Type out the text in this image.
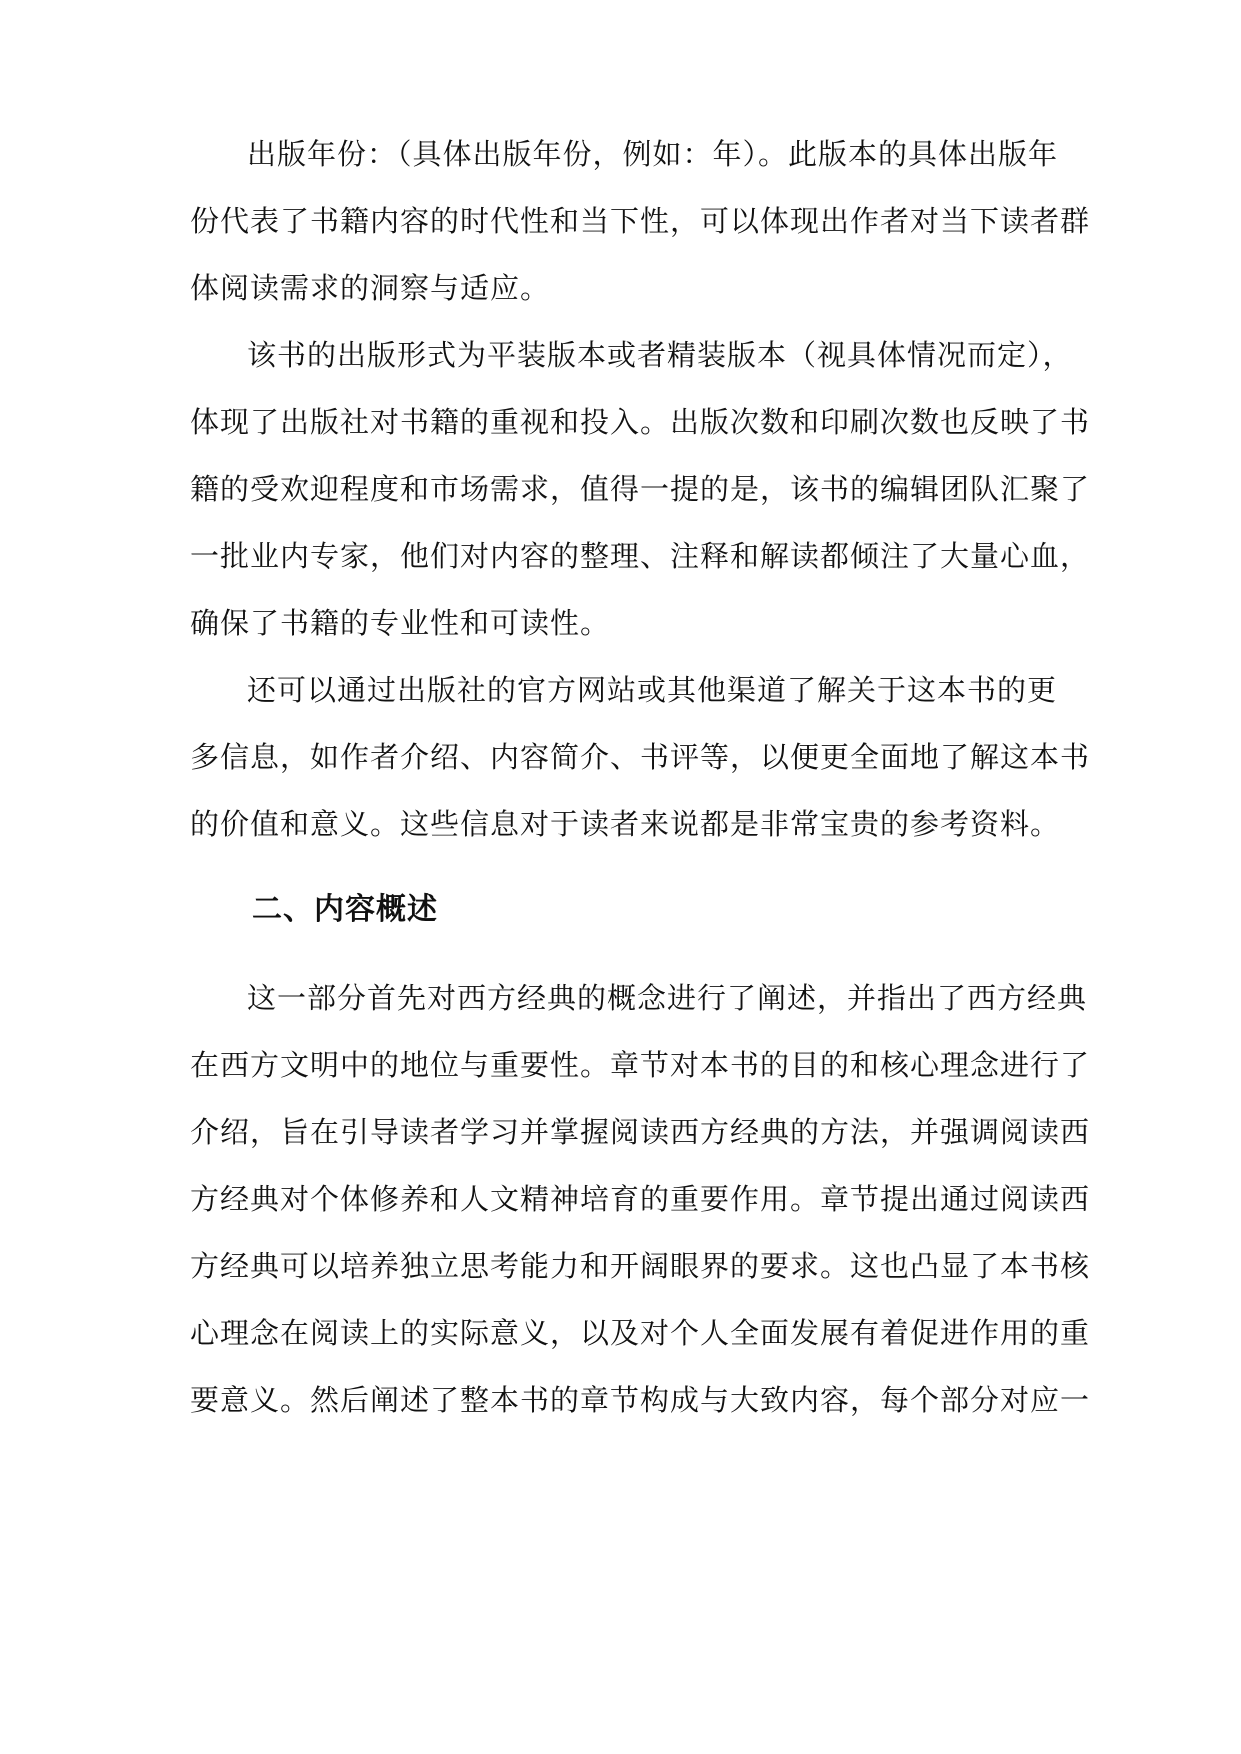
出版年份：（具体出版年份，例如：年）。此版本的具体出版年
份代表了书籍内容的时代性和当下性，可以体现出作者对当下读者群
体阅读需求的洞察与适应。
该书的出版形式为平装版本或者精装版本（视具体情况而定），
体现了出版社对书籍的重视和投入。出版次数和印刷次数也反映了书
籍的受欢迎程度和市场需求，值得一提的是，该书的编辑团队汇聚了
一批业内专家，他们对内容的整理、注释和解读都倾注了大量心血，
确保了书籍的专业性和可读性。
还可以通过出版社的官方网站或其他渠道了解关于这本书的更
多信息，如作者介绍、内容简介、书评等，以便更全面地了解这本书
的价值和意义。这些信息对于读者来说都是非常宝贵的参考资料。
二、内容概述
这一部分首先对西方经典的概念进行了阐述，并指出了西方经典
在西方文明中的地位与重要性。章节对本书的目的和核心理念进行了
介绍，旨在引导读者学习并掌握阅读西方经典的方法，并强调阅读西
方经典对个体修养和人文精神培育的重要作用。章节提出通过阅读西
方经典可以培养独立思考能力和开阔眼界的要求。这也凸显了本书核
心理念在阅读上的实际意义，以及对个人全面发展有着促进作用的重
要意义。然后阐述了整本书的章节构成与大致内容，每个部分对应一
